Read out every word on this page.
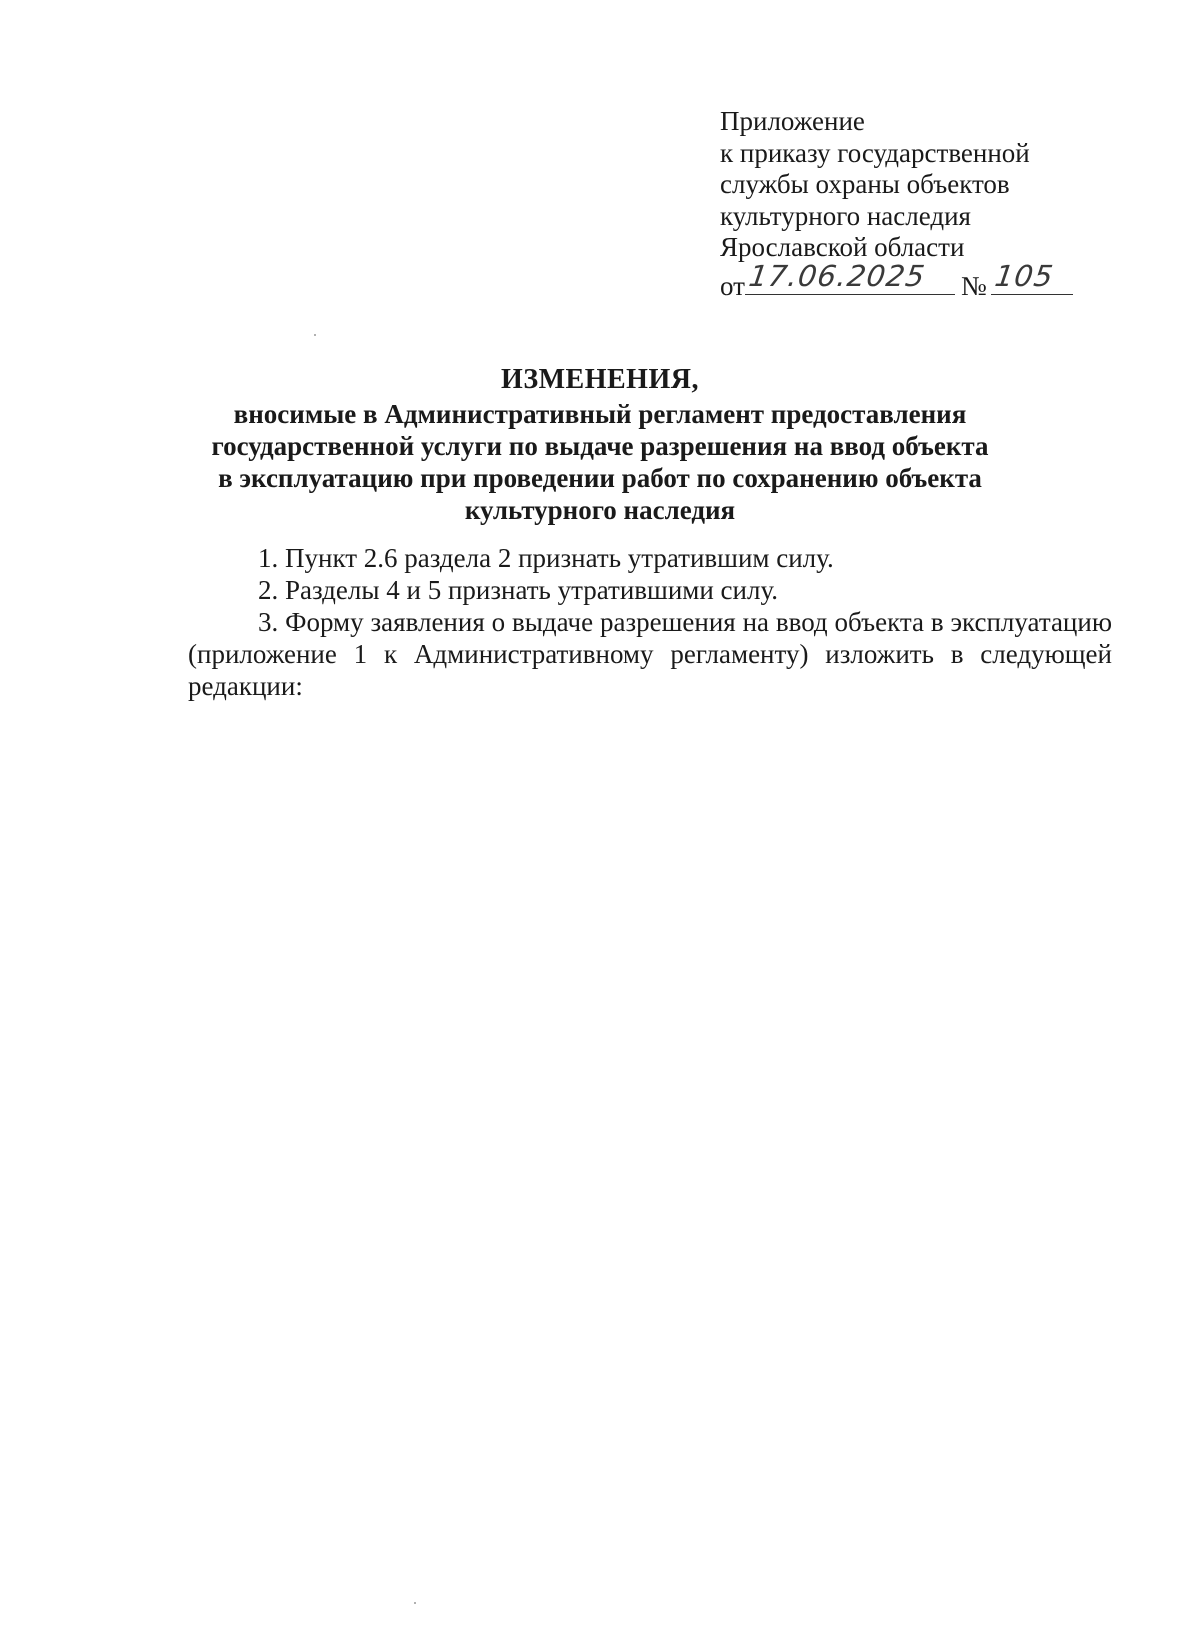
Приложение
к приказу государственной
службы охраны объектов
культурного наследия
Ярославской области
от 17.06.2025 № 105
ИЗМЕНЕНИЯ,
вносимые в Административный регламент предоставления
государственной услуги по выдаче разрешения на ввод объекта
в эксплуатацию при проведении работ по сохранению объекта
культурного наследия

1. Пункт 2.6 раздела 2 признать утратившим силу.

2. Разделы 4 и 5 признать утратившими силу.

3. Форму заявления о выдаче разрешения на ввод объекта в эксплуатацию (приложение 1 к Административному регламенту) изложить в следующей редакции:
